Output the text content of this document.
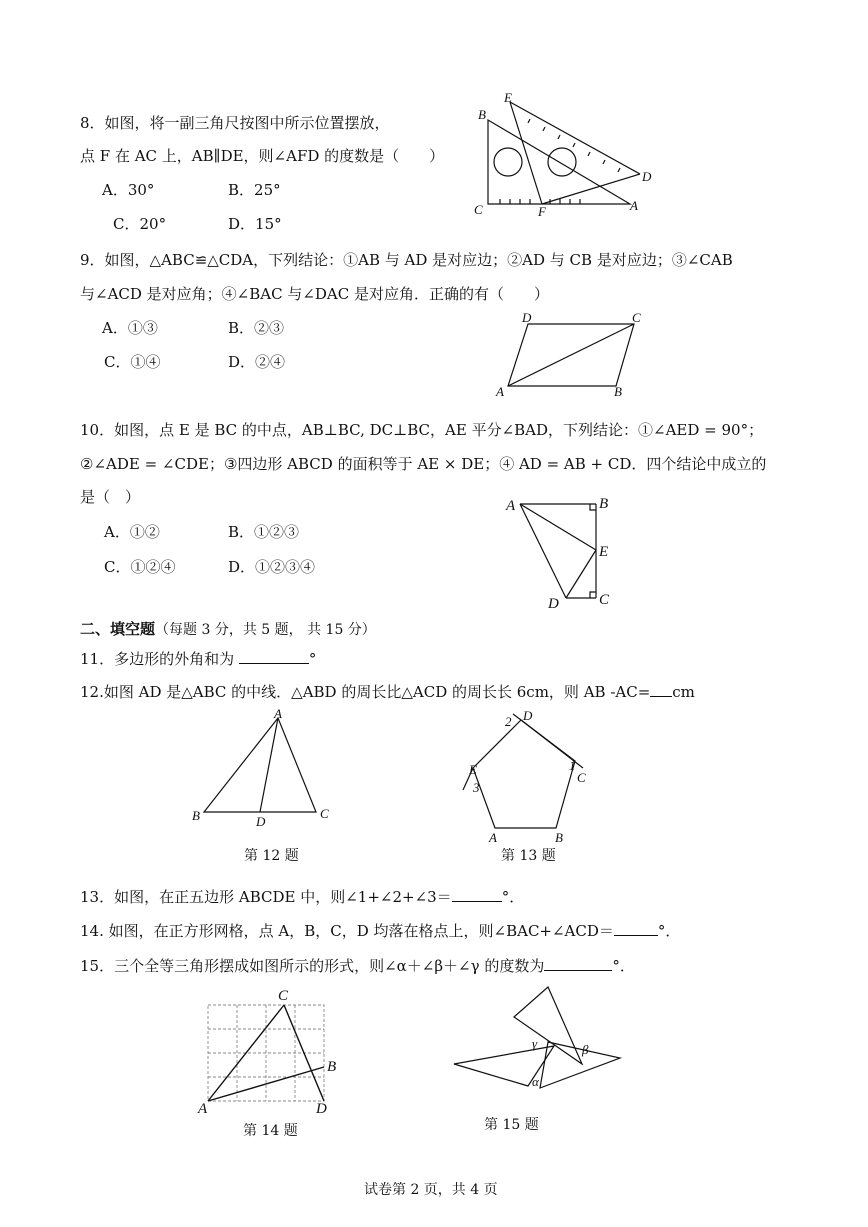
8．如图，将一副三角尺按图中所示位置摆放，
点 F 在 AC 上，AB∥DE，则∠AFD 的度数是（　　）
A．30°	B．25°
C．20°	D．15°
B
E
D
C	F	A
9．如图，△ABC≌△CDA，下列结论：①AB 与 AD 是对应边；②AD 与 CB 是对应边；③∠CAB
与∠ACD 是对应角；④∠BAC 与∠DAC 是对应角．正确的有（　　）
A．①③	B．②③
C．①④	D．②④
D	C
A	B
10．如图，点 E 是 BC 的中点，AB⊥BC, DC⊥BC，AE 平分∠BAD，下列结论：①∠AED = 90°；
②∠ADE = ∠CDE；③四边形 ABCD 的面积等于 AE × DE；④ AD = AB + CD．四个结论中成立的
是（　）
A．①②	B．①②③
C．①②④	D．①②③④
A	B
E
D	C
二、填空题（每题 3 分，共 5 题， 共 15 分）
11．多边形的外角和为	°
12.如图 AD 是△ABC 的中线．△ABD 的周长比△ACD 的周长长 6cm，则 AB -AC= cm
A
B	D
C
第 12 题
2 D
E
3
1
C
A	B
第 13 题
13．如图，在正五边形 ABCDE 中，则∠1+∠2+∠3＝	°．
14. 如图，在正方形网格，点 A，B，C，D 均落在格点上，则∠BAC+∠ACD＝	°．
15．三个全等三角形摆成如图所示的形式，则∠α＋∠β＋∠γ 的度数为	°．
C
B
A	D
第 14 题
γ	β
α
第 15 题
试卷第 2 页，共 4 页
